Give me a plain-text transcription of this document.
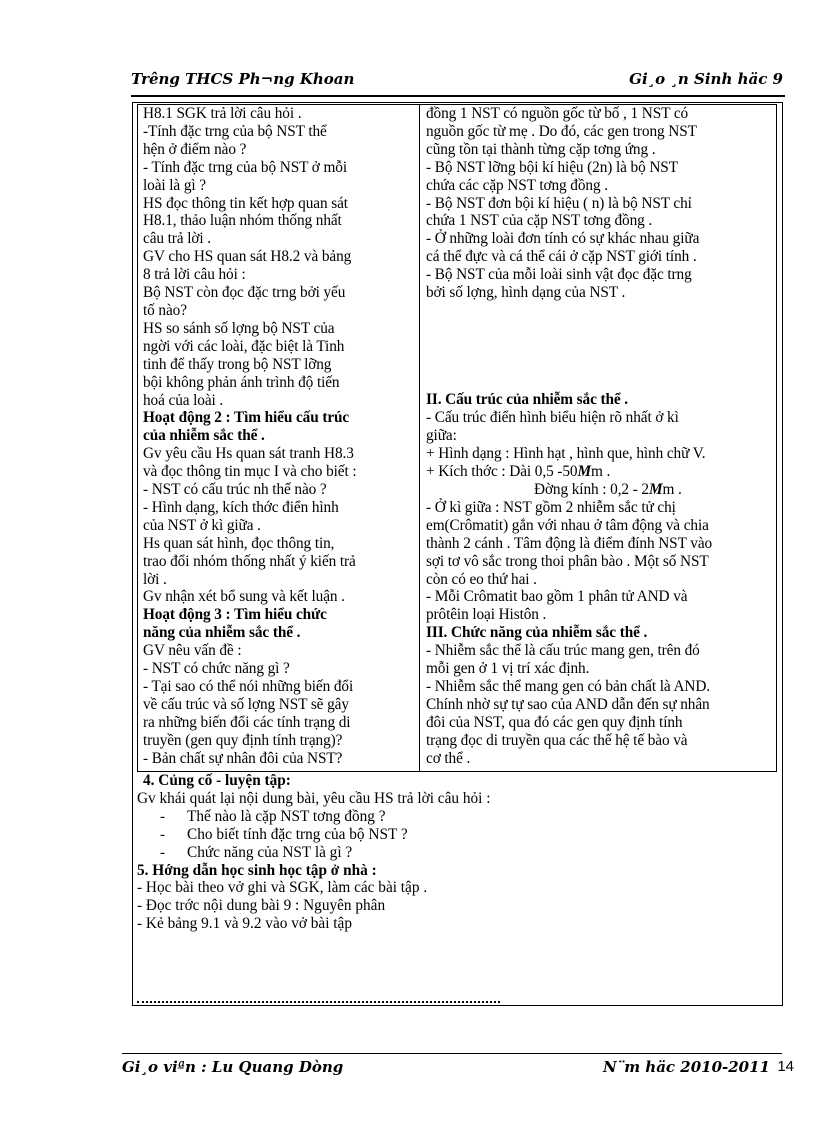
Trêng THCS Ph¬ng Khoan	Gi¸o ¸n Sinh häc 9
H8.1 SGK trả lời câu hỏi .
-Tính đặc trng của bộ NST thể
hện ở điểm nào ?
- Tính đặc trng của bộ NST ở mỗi
loài là gì ?
HS đọc thông tin kết hợp quan sát
H8.1, thảo luận nhóm thống nhất
câu trả lời .
GV cho HS quan sát H8.2 và bảng
8 trả lời câu hỏi :
Bộ NST còn đọc đặc trng bởi yếu
tố nào?
HS so sánh số lợng bộ NST của
ngời với các loài, đặc biệt là Tinh
tinh để thấy trong bộ NST lỡng
bội không phản ánh trình độ tiến
hoá của loài .
Hoạt động 2 : Tìm hiểu cấu trúc
của nhiễm sắc thể .
Gv yêu cầu Hs quan sát tranh H8.3
và đọc thông tin mục I và cho biết :
- NST có cấu trúc nh thế nào ?
- Hình dạng, kích thớc điển hình
của NST ở kì giữa .
Hs quan sát hình, đọc thông tin,
trao đổi nhóm thống nhất ý kiến trả
lời .
Gv nhận xét bổ sung và kết luận .
Hoạt động 3 : Tìm hiểu chức
năng của nhiễm sắc thể .
GV nêu vấn đề :
- NST có chức năng gì ?
- Tại sao có thể nói những biến đổi
về cấu trúc và số lợng NST sẽ gây
ra những biến đổi các tính trạng di
truyền (gen quy định tính trạng)?
- Bản chất sự nhân đôi của NST?
đồng 1 NST có nguồn gốc từ bố , 1 NST có
nguồn gốc từ mẹ . Do đó, các gen trong NST
cũng tồn tại thành từng cặp tơng ứng .
- Bộ NST lỡng bội kí hiệu (2n) là bộ NST
chứa các cặp NST tơng đồng .
- Bộ NST đơn bội kí hiệu ( n) là bộ NST chỉ
chứa 1 NST của cặp NST tơng đồng .
- Ở những loài đơn tính có sự khác nhau giữa
cá thể đực và cá thể cái ở cặp NST giới tính .
- Bộ NST của mỗi loài sinh vật đọc đặc trng
bởi số lợng, hình dạng của NST .
II. Cấu trúc của nhiễm sắc thể .
- Cấu trúc điển hình biểu hiện rõ nhất ở kì
giữa:
+ Hình dạng : Hình hạt , hình que, hình chữ V.
+ Kích thớc : Dài 0,5 -50Mm .
Đờng kính : 0,2 - 2Mm .
- Ở kì giữa : NST gồm 2 nhiễm sắc tử chị
em(Crômatit) gắn với nhau ở tâm động và chia
thành 2 cánh . Tâm động là điểm đính NST vào
sợi tơ vô sắc trong thoi phân bào . Một số NST
còn có eo thứ hai .
- Mỗi Crômatit bao gồm 1 phân tử AND và
prôtêin loại Histôn .
III. Chức năng của nhiễm sắc thể .
- Nhiễm sắc thể là cấu trúc mang gen, trên đó
mỗi gen ở 1 vị trí xác định.
- Nhiễm sắc thể mang gen có bản chất là AND.
Chính nhờ sự tự sao của AND dẫn đến sự nhân
đôi của NST, qua đó các gen quy định tính
trạng đọc di truyền qua các thế hệ tế bào và
cơ thể .
4. Củng cố - luyện tập:
Gv khái quát lại nội dung bài, yêu cầu HS trả lời câu hỏi :
- Thế nào là cặp NST tơng đồng ?
- Cho biết tính đặc trng của bộ NST ?
- Chức năng của NST là gì ?
5. Hớng dẫn học sinh học tập ở nhà :
- Học bài theo vở ghi và SGK, làm các bài tập .
- Đọc trớc nội dung bài 9 : Nguyên phân
- Kẻ bảng 9.1 và 9.2 vào vở bài tập
Gi¸o viªn : Lu Quang Dòng	N¨m häc 2010-2011 14
